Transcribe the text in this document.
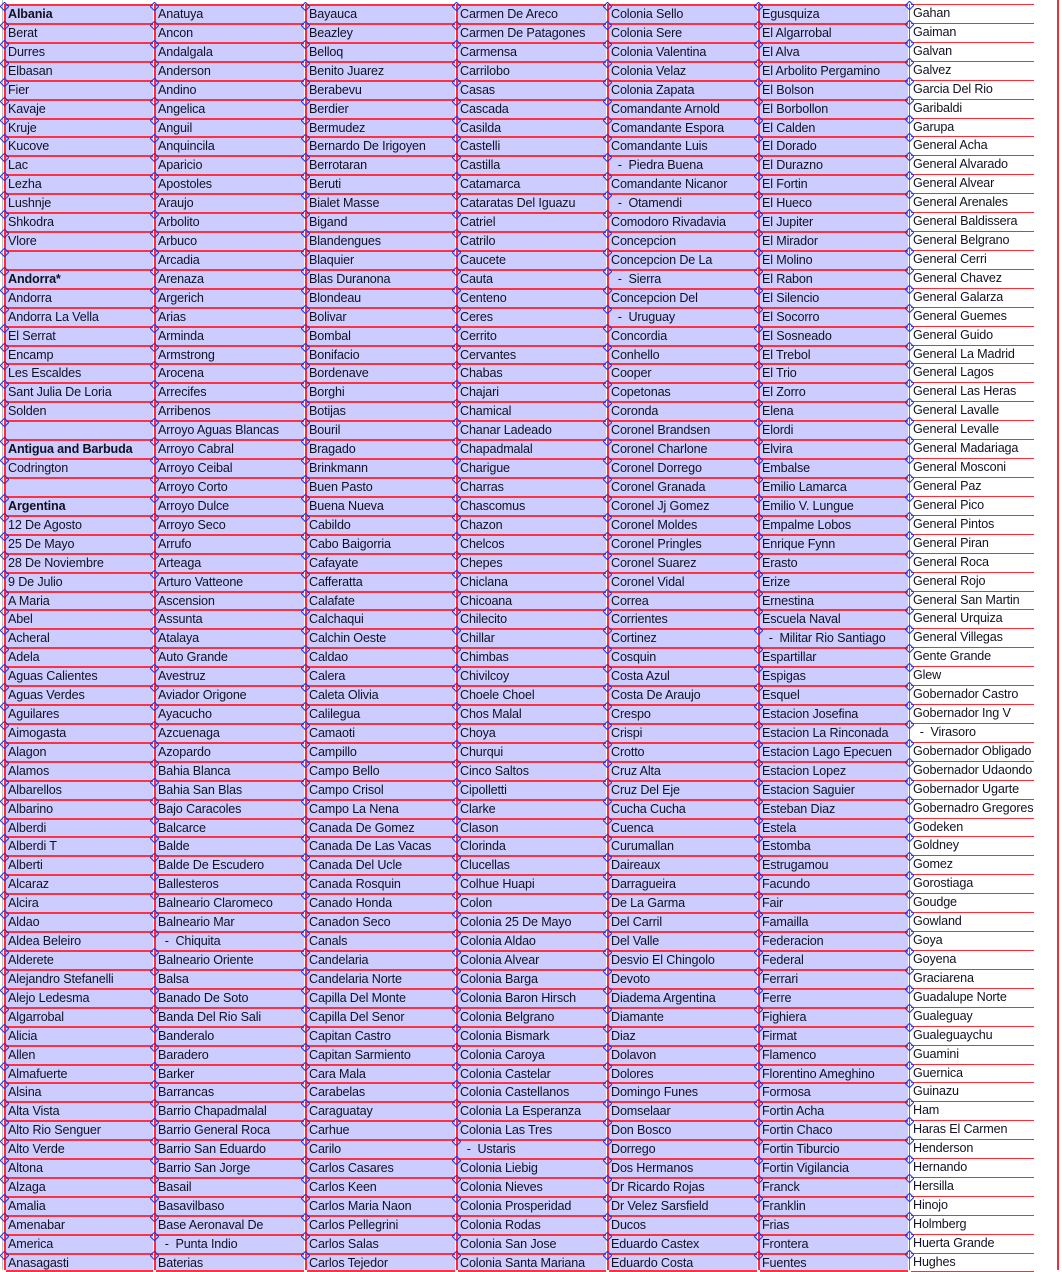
Albania
Berat
Durres
Elbasan
Fier
Kavaje
Kruje
Kucove
Lac
Lezha
Lushnje
Shkodra
Vlore
Andorra*
Andorra
Andorra La Vella
El Serrat
Encamp
Les Escaldes
Sant Julia De Loria
Solden
Antigua and Barbuda
Codrington
Argentina
12 De Agosto
25 De Mayo
28 De Noviembre
9 De Julio
A Maria
Abel
Acheral
Adela
Aguas Calientes
Aguas Verdes
Aguilares
Aimogasta
Alagon
Alamos
Albarellos
Albarino
Alberdi
Alberdi T
Alberti
Alcaraz
Alcira
Aldao
Aldea Beleiro
Alderete
Alejandro Stefanelli
Alejo Ledesma
Algarrobal
Alicia
Allen
Almafuerte
Alsina
Alta Vista
Alto Rio Senguer
Alto Verde
Altona
Alzaga
Amalia
Amenabar
America
Anasagasti
Anatuya
Ancon
Andalgala
Anderson
Andino
Angelica
Anguil
Anquincila
Aparicio
Apostoles
Araujo
Arbolito
Arbuco
Arcadia
Arenaza
Argerich
Arias
Arminda
Armstrong
Arocena
Arrecifes
Arribenos
Arroyo Aguas Blancas
Arroyo Cabral
Arroyo Ceibal
Arroyo Corto
Arroyo Dulce
Arroyo Seco
Arrufo
Arteaga
Arturo Vatteone
Ascension
Assunta
Atalaya
Auto Grande
Avestruz
Aviador Origone
Ayacucho
Azcuenaga
Azopardo
Bahia Blanca
Bahia San Blas
Bajo Caracoles
Balcarce
Balde
Balde De Escudero
Ballesteros
Balneario Claromeco
Balneario Mar
-  Chiquita
Balneario Oriente
Balsa
Banado De Soto
Banda Del Rio Sali
Banderalo
Baradero
Barker
Barrancas
Barrio Chapadmalal
Barrio General Roca
Barrio San Eduardo
Barrio San Jorge
Basail
Basavilbaso
Base Aeronaval De
-  Punta Indio
Baterias
Bayauca
Beazley
Belloq
Benito Juarez
Berabevu
Berdier
Bermudez
Bernardo De Irigoyen
Berrotaran
Beruti
Bialet Masse
Bigand
Blandengues
Blaquier
Blas Duranona
Blondeau
Bolivar
Bombal
Bonifacio
Bordenave
Borghi
Botijas
Bouril
Bragado
Brinkmann
Buen Pasto
Buena Nueva
Cabildo
Cabo Baigorria
Cafayate
Cafferatta
Calafate
Calchaqui
Calchin Oeste
Caldao
Calera
Caleta Olivia
Calilegua
Camaoti
Campillo
Campo Bello
Campo Crisol
Campo La Nena
Canada De Gomez
Canada De Las Vacas
Canada Del Ucle
Canada Rosquin
Canado Honda
Canadon Seco
Canals
Candelaria
Candelaria Norte
Capilla Del Monte
Capilla Del Senor
Capitan Castro
Capitan Sarmiento
Cara Mala
Carabelas
Caraguatay
Carhue
Carilo
Carlos Casares
Carlos Keen
Carlos Maria Naon
Carlos Pellegrini
Carlos Salas
Carlos Tejedor
Carmen De Areco
Carmen De Patagones
Carmensa
Carrilobo
Casas
Cascada
Casilda
Castelli
Castilla
Catamarca
Cataratas Del Iguazu
Catriel
Catrilo
Caucete
Cauta
Centeno
Ceres
Cerrito
Cervantes
Chabas
Chajari
Chamical
Chanar Ladeado
Chapadmalal
Charigue
Charras
Chascomus
Chazon
Chelcos
Chepes
Chiclana
Chicoana
Chilecito
Chillar
Chimbas
Chivilcoy
Choele Choel
Chos Malal
Choya
Churqui
Cinco Saltos
Cipolletti
Clarke
Clason
Clorinda
Clucellas
Colhue Huapi
Colon
Colonia 25 De Mayo
Colonia Aldao
Colonia Alvear
Colonia Barga
Colonia Baron Hirsch
Colonia Belgrano
Colonia Bismark
Colonia Caroya
Colonia Castelar
Colonia Castellanos
Colonia La Esperanza
Colonia Las Tres
-  Ustaris
Colonia Liebig
Colonia Nieves
Colonia Prosperidad
Colonia Rodas
Colonia San Jose
Colonia Santa Mariana
Colonia Sello
Colonia Sere
Colonia Valentina
Colonia Velaz
Colonia Zapata
Comandante Arnold
Comandante Espora
Comandante Luis
-  Piedra Buena
Comandante Nicanor
-  Otamendi
Comodoro Rivadavia
Concepcion
Concepcion De La
-  Sierra
Concepcion Del
-  Uruguay
Concordia
Conhello
Cooper
Copetonas
Coronda
Coronel Brandsen
Coronel Charlone
Coronel Dorrego
Coronel Granada
Coronel Jj Gomez
Coronel Moldes
Coronel Pringles
Coronel Suarez
Coronel Vidal
Correa
Corrientes
Cortinez
Cosquin
Costa Azul
Costa De Araujo
Crespo
Crispi
Crotto
Cruz Alta
Cruz Del Eje
Cucha Cucha
Cuenca
Curumallan
Daireaux
Darragueira
De La Garma
Del Carril
Del Valle
Desvio El Chingolo
Devoto
Diadema Argentina
Diamante
Diaz
Dolavon
Dolores
Domingo Funes
Domselaar
Don Bosco
Dorrego
Dos Hermanos
Dr Ricardo Rojas
Dr Velez Sarsfield
Ducos
Eduardo Castex
Eduardo Costa
Egusquiza
El Algarrobal
El Alva
El Arbolito Pergamino
El Bolson
El Borbollon
El Calden
El Dorado
El Durazno
El Fortin
El Hueco
El Jupiter
El Mirador
El Molino
El Rabon
El Silencio
El Socorro
El Sosneado
El Trebol
El Trio
El Zorro
Elena
Elordi
Elvira
Embalse
Emilio Lamarca
Emilio V. Lungue
Empalme Lobos
Enrique Fynn
Erasto
Erize
Ernestina
Escuela Naval
-  Militar Rio Santiago
Espartillar
Espigas
Esquel
Estacion Josefina
Estacion La Rinconada
Estacion Lago Epecuen
Estacion Lopez
Estacion Saguier
Esteban Diaz
Estela
Estomba
Estrugamou
Facundo
Fair
Famailla
Federacion
Federal
Ferrari
Ferre
Fighiera
Firmat
Flamenco
Florentino Ameghino
Formosa
Fortin Acha
Fortin Chaco
Fortin Tiburcio
Fortin Vigilancia
Franck
Franklin
Frias
Frontera
Fuentes
Gahan
Gaiman
Galvan
Galvez
Garcia Del Rio
Garibaldi
Garupa
General Acha
General Alvarado
General Alvear
General Arenales
General Baldissera
General Belgrano
General Cerri
General Chavez
General Galarza
General Guemes
General Guido
General La Madrid
General Lagos
General Las Heras
General Lavalle
General Levalle
General Madariaga
General Mosconi
General Paz
General Pico
General Pintos
General Piran
General Roca
General Rojo
General San Martin
General Urquiza
General Villegas
Gente Grande
Glew
Gobernador Castro
Gobernador Ing V
-  Virasoro
Gobernador Obligado
Gobernador Udaondo
Gobernador Ugarte
Gobernadro Gregores
Godeken
Goldney
Gomez
Gorostiaga
Goudge
Gowland
Goya
Goyena
Graciarena
Guadalupe Norte
Gualeguay
Gualeguaychu
Guamini
Guernica
Guinazu
Ham
Haras El Carmen
Henderson
Hernando
Hersilla
Hinojo
Holmberg
Huerta Grande
Hughes
